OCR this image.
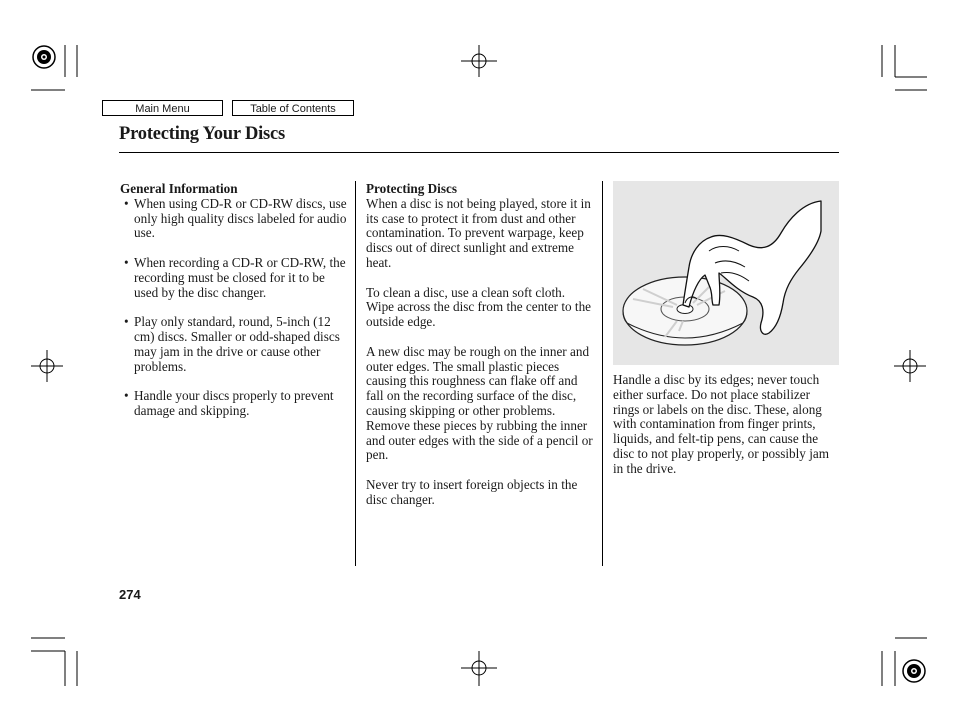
Main Menu	Table of Contents
Protecting Your Discs
General Information
• When using CD-R or CD-RW discs, use only high quality discs labeled for audio use.
• When recording a CD-R or CD-RW, the recording must be closed for it to be used by the disc changer.
• Play only standard, round, 5-inch (12 cm) discs. Smaller or odd-shaped discs may jam in the drive or cause other problems.
• Handle your discs properly to prevent damage and skipping.
Protecting Discs

When a disc is not being played, store it in its case to protect it from dust and other contamination. To prevent warpage, keep discs out of direct sunlight and extreme heat.

To clean a disc, use a clean soft cloth. Wipe across the disc from the center to the outside edge.

A new disc may be rough on the inner and outer edges. The small plastic pieces causing this roughness can flake off and fall on the recording surface of the disc, causing skipping or other problems. Remove these pieces by rubbing the inner and outer edges with the side of a pencil or pen.

Never try to insert foreign objects in the disc changer.

Handle a disc by its edges; never touch either surface. Do not place stabilizer rings or labels on the disc. These, along with contamination from finger prints, liquids, and felt-tip pens, can cause the disc to not play properly, or possibly jam in the drive.
274
